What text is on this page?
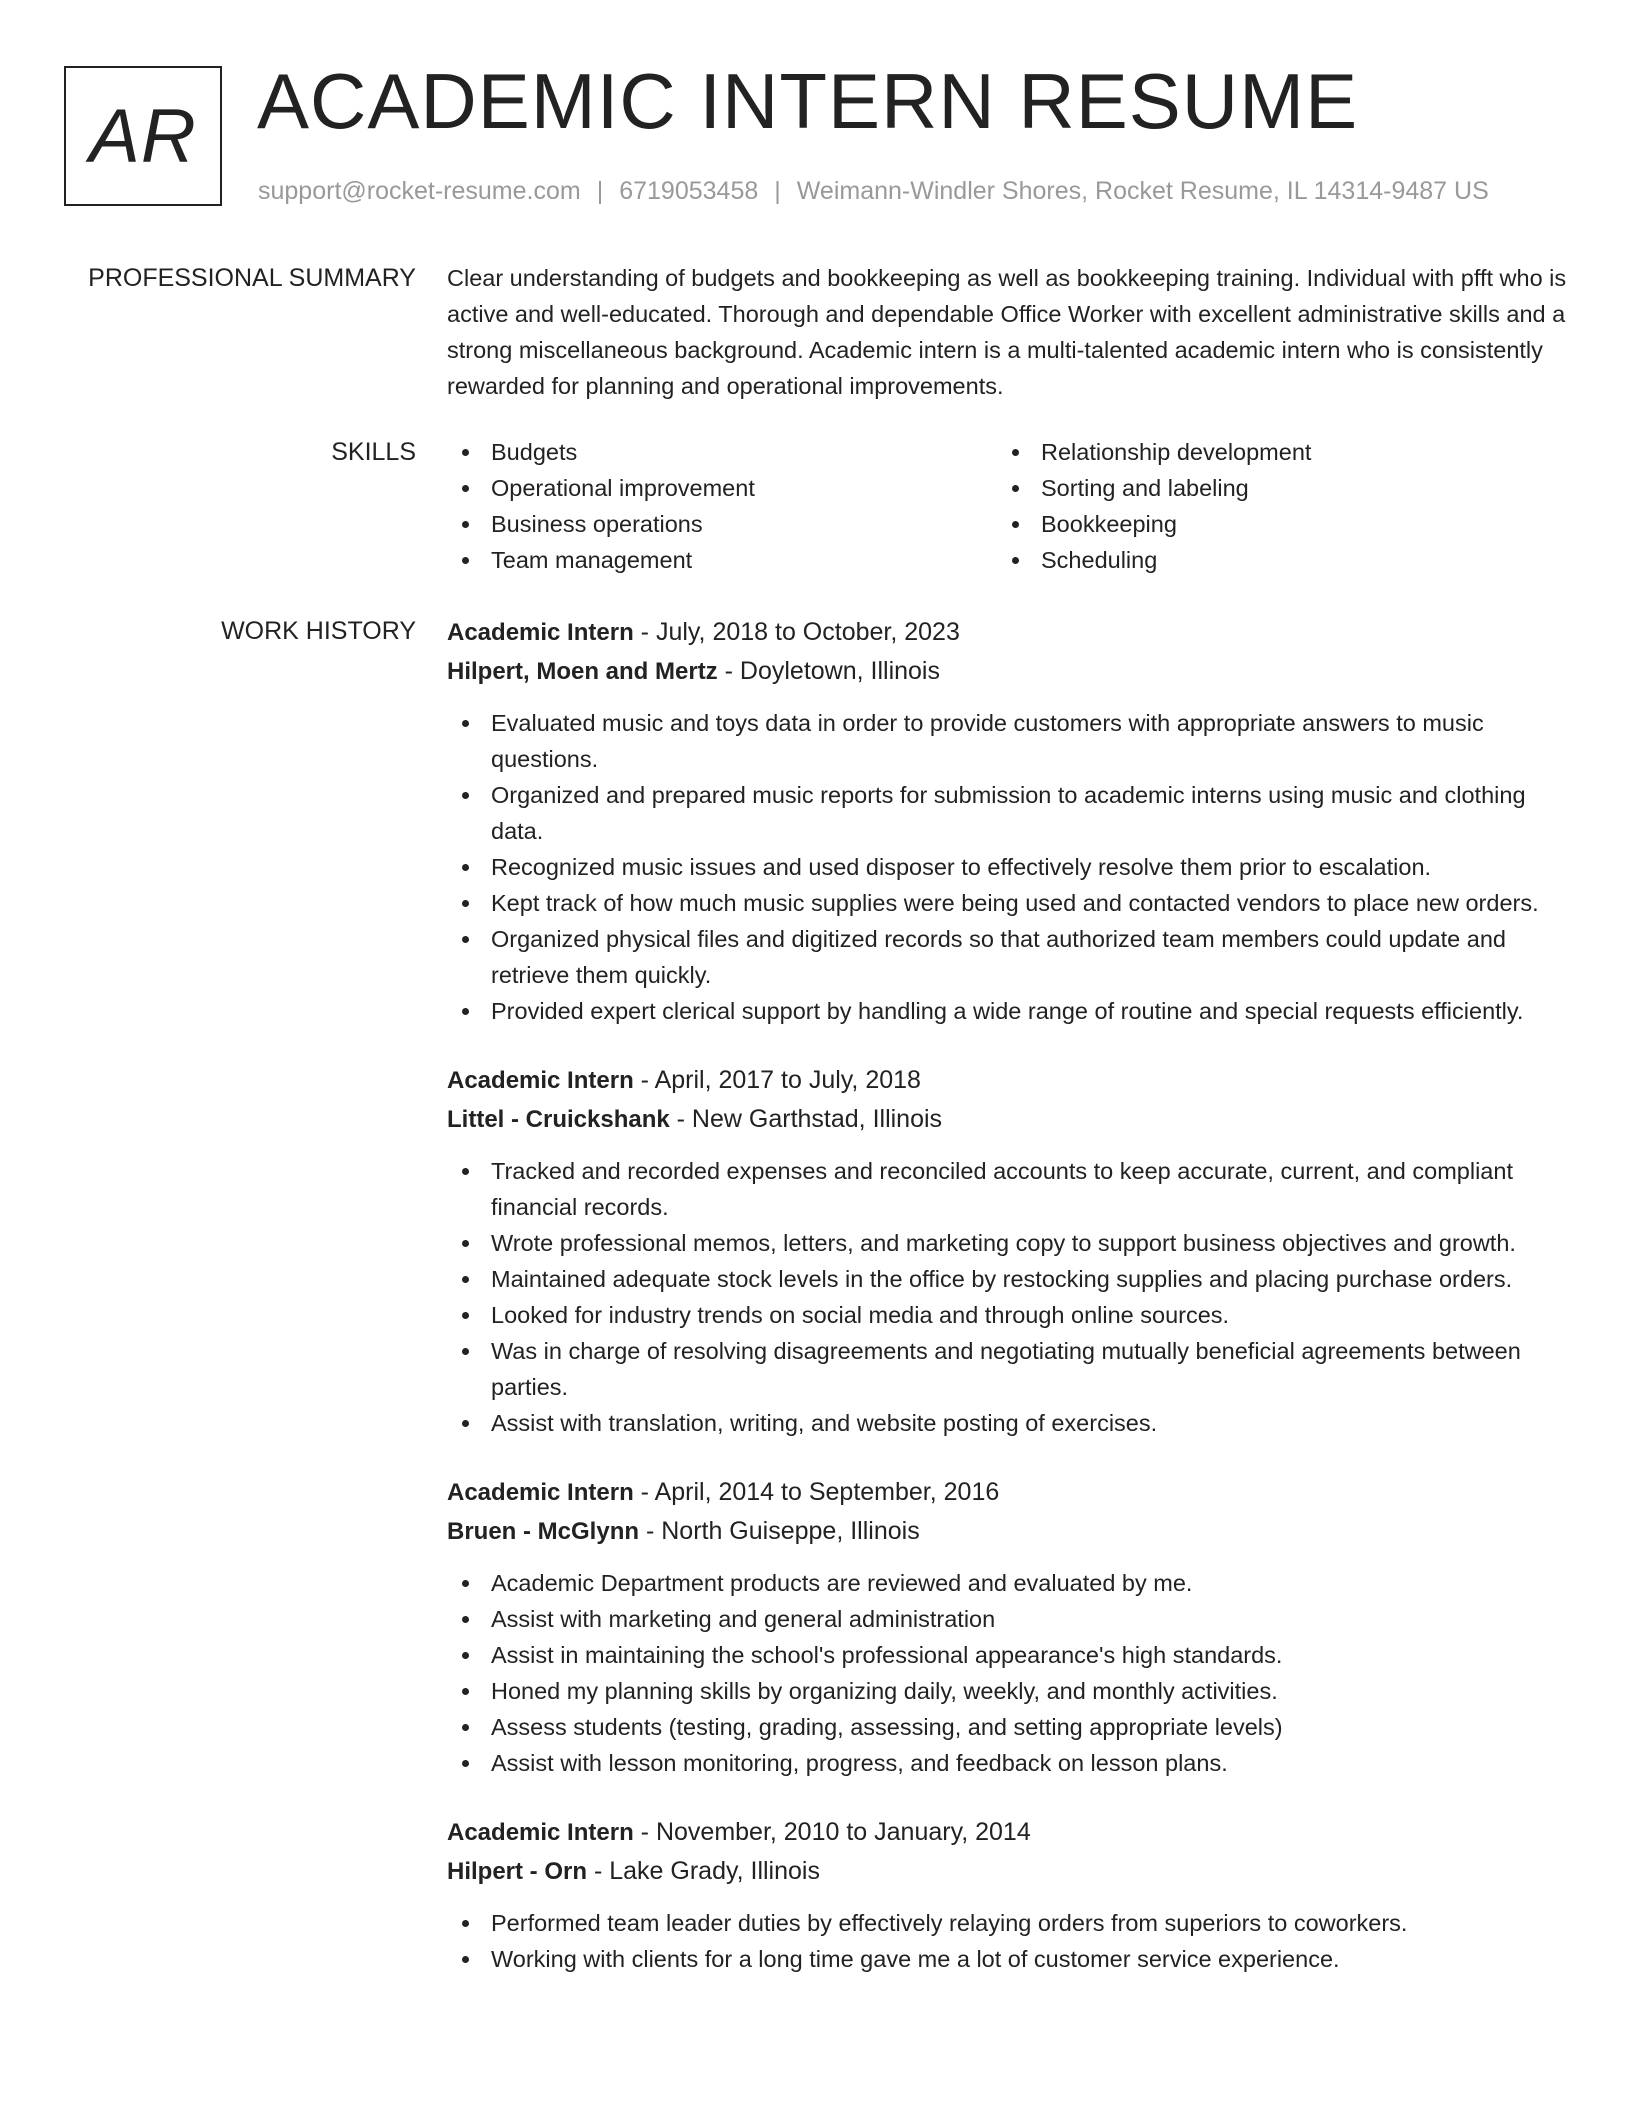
AR ACADEMIC INTERN RESUME
support@rocket-resume.com | 6719053458 | Weimann-Windler Shores, Rocket Resume, IL 14314-9487 US
PROFESSIONAL SUMMARY Clear understanding of budgets and bookkeeping as well as bookkeeping training. Individual with pfft who is active and well-educated. Thorough and dependable Office Worker with excellent administrative skills and a strong miscellaneous background. Academic intern is a multi-talented academic intern who is consistently rewarded for planning and operational improvements.

SKILLS	Budgets
Operational improvement
Business operations
Team management
Relationship development
Sorting and labeling
Bookkeeping
Scheduling
WORK HISTORY Academic Intern - July, 2018 to October, 2023
Hilpert, Moen and Mertz - Doyletown, Illinois
Evaluated music and toys data in order to provide customers with appropriate answers to music questions.
Organized and prepared music reports for submission to academic interns using music and clothing data.
Recognized music issues and used disposer to effectively resolve them prior to escalation.
Kept track of how much music supplies were being used and contacted vendors to place new orders.
Organized physical files and digitized records so that authorized team members could update and retrieve them quickly.
Provided expert clerical support by handling a wide range of routine and special requests efficiently.
Academic Intern - April, 2017 to July, 2018
Littel - Cruickshank - New Garthstad, Illinois
Tracked and recorded expenses and reconciled accounts to keep accurate, current, and compliant financial records.
Wrote professional memos, letters, and marketing copy to support business objectives and growth.
Maintained adequate stock levels in the office by restocking supplies and placing purchase orders.
Looked for industry trends on social media and through online sources.
Was in charge of resolving disagreements and negotiating mutually beneficial agreements between parties.
Assist with translation, writing, and website posting of exercises.
Academic Intern - April, 2014 to September, 2016
Bruen - McGlynn - North Guiseppe, Illinois
Academic Department products are reviewed and evaluated by me.
Assist with marketing and general administration
Assist in maintaining the school's professional appearance's high standards.
Honed my planning skills by organizing daily, weekly, and monthly activities.
Assess students (testing, grading, assessing, and setting appropriate levels)
Assist with lesson monitoring, progress, and feedback on lesson plans.
Academic Intern - November, 2010 to January, 2014
Hilpert - Orn - Lake Grady, Illinois
Performed team leader duties by effectively relaying orders from superiors to coworkers.
Working with clients for a long time gave me a lot of customer service experience.
